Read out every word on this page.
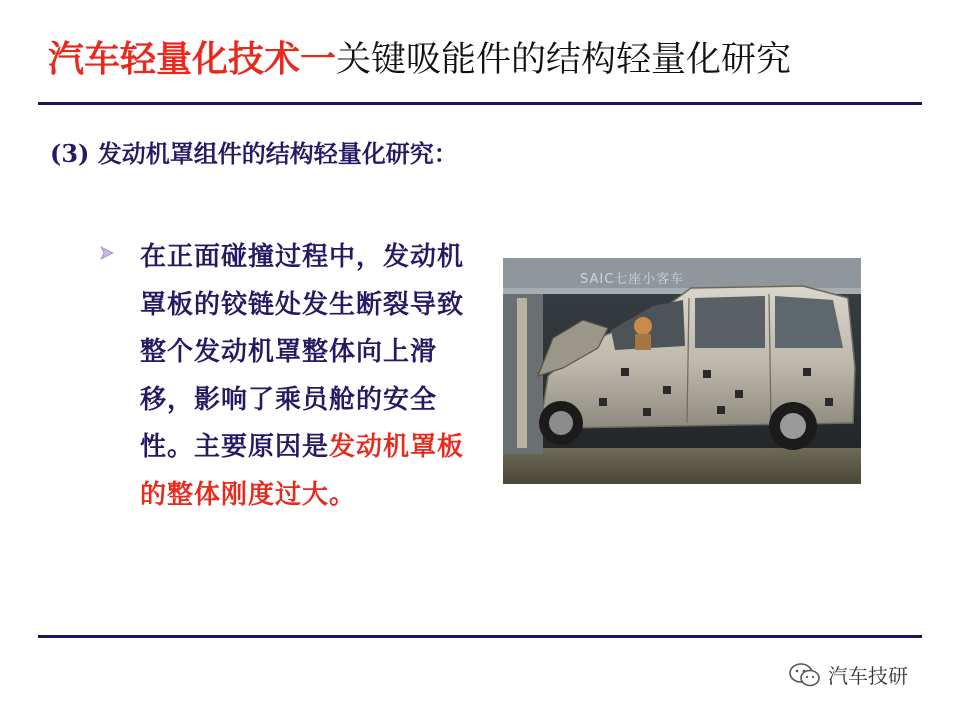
汽车轻量化技术一关键吸能件的结构轻量化研究
(3) 发动机罩组件的结构轻量化研究：
在正面碰撞过程中，发动机罩板的铰链处发生断裂导致整个发动机罩整体向上滑移，影响了乘员舱的安全性。主要原因是发动机罩板的整体刚度过大。
SAIC七座小客车
汽车技研
